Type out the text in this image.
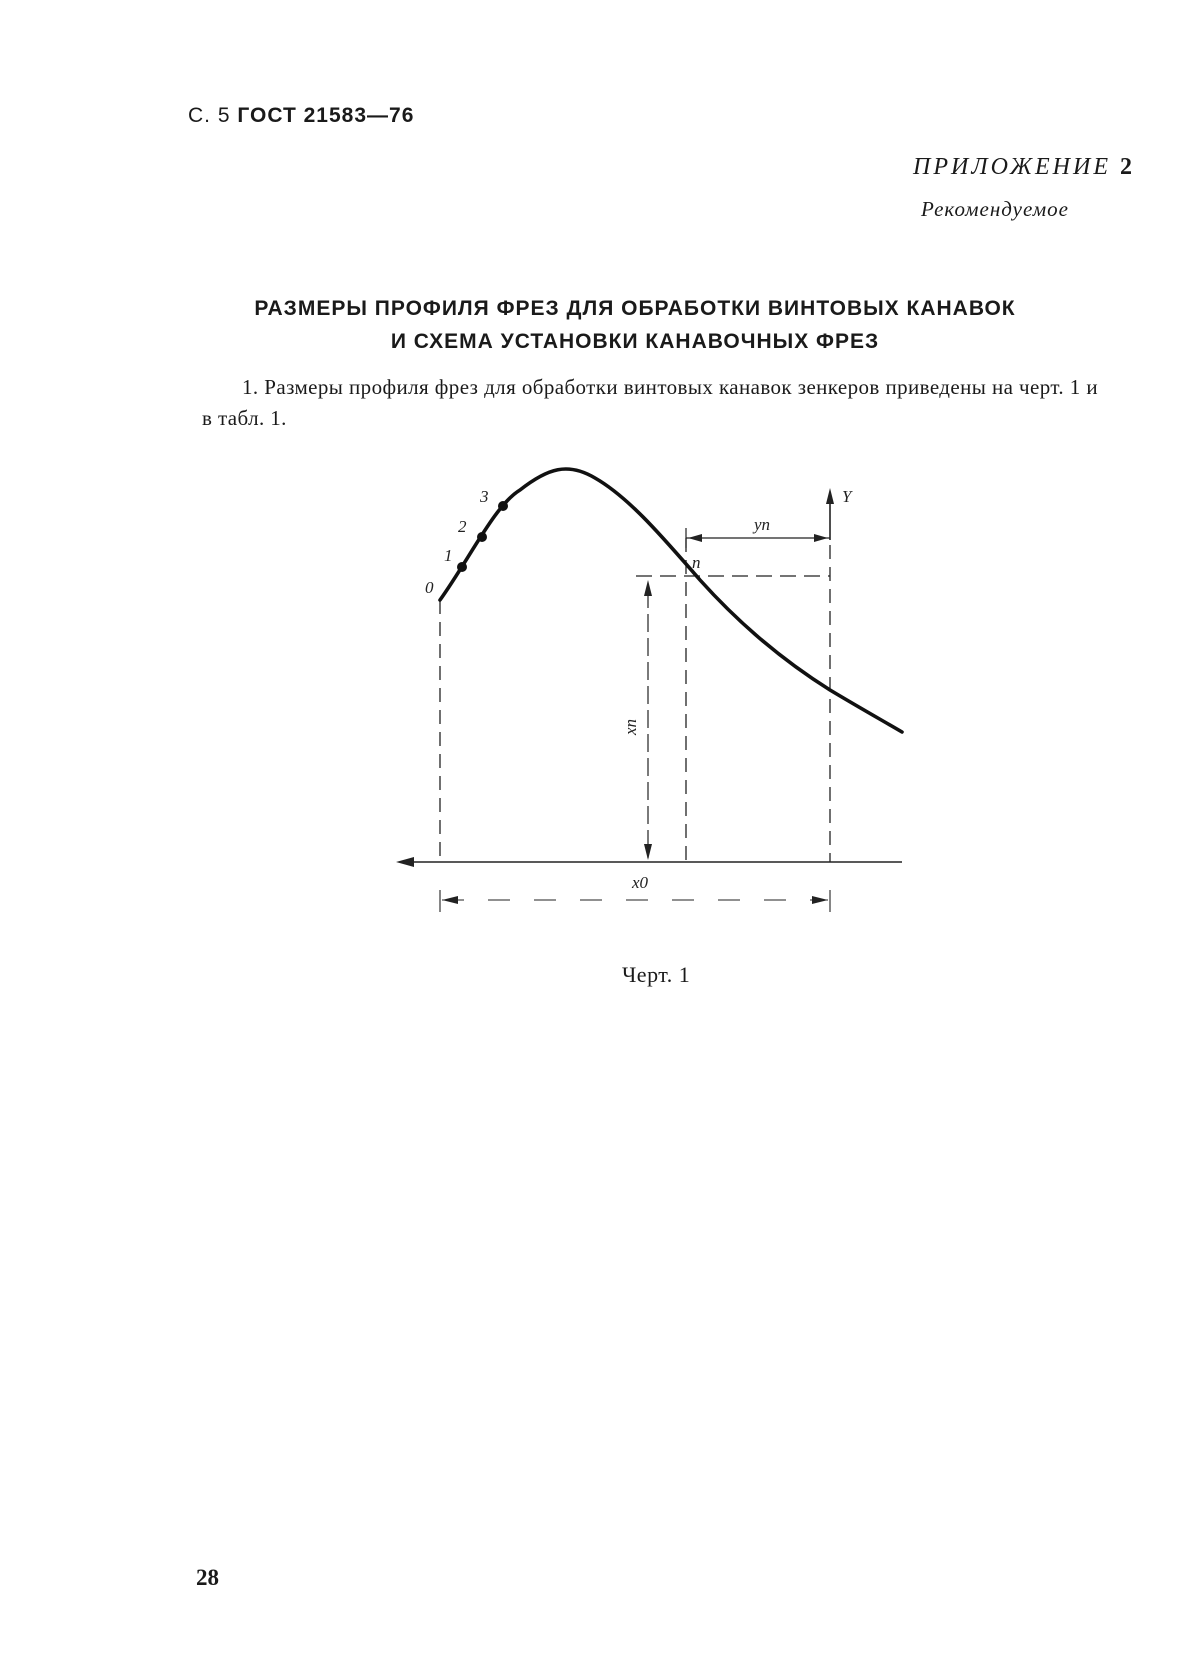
С. 5 ГОСТ 21583—76
ПРИЛОЖЕНИЕ 2
Рекомендуемое
РАЗМЕРЫ ПРОФИЛЯ ФРЕЗ ДЛЯ ОБРАБОТКИ ВИНТОВЫХ КАНАВОК
И СХЕМА УСТАНОВКИ КАНАВОЧНЫХ ФРЕЗ
1. Размеры профиля фрез для обработки винтовых канавок зенкеров приведены на черт. 1 и в табл. 1.
Y
yn
n
xn
x0
0
1
2
3
Черт. 1
28
